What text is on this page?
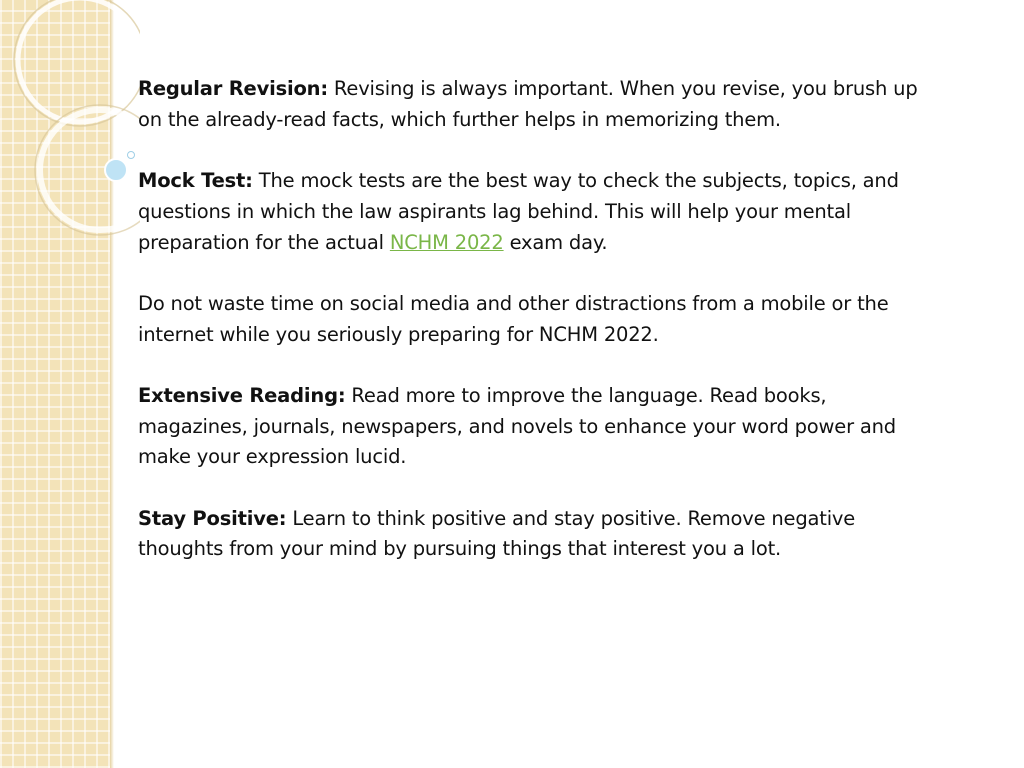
Regular Revision: Revising is always important. When you revise, you brush up on the already-read facts, which further helps in memorizing them.

Mock Test: The mock tests are the best way to check the subjects, topics, and questions in which the law aspirants lag behind. This will help your mental preparation for the actual NCHM 2022 exam day.

Do not waste time on social media and other distractions from a mobile or the internet while you seriously preparing for NCHM 2022.

Extensive Reading: Read more to improve the language. Read books, magazines, journals, newspapers, and novels to enhance your word power and make your expression lucid.

Stay Positive: Learn to think positive and stay positive. Remove negative thoughts from your mind by pursuing things that interest you a lot.
